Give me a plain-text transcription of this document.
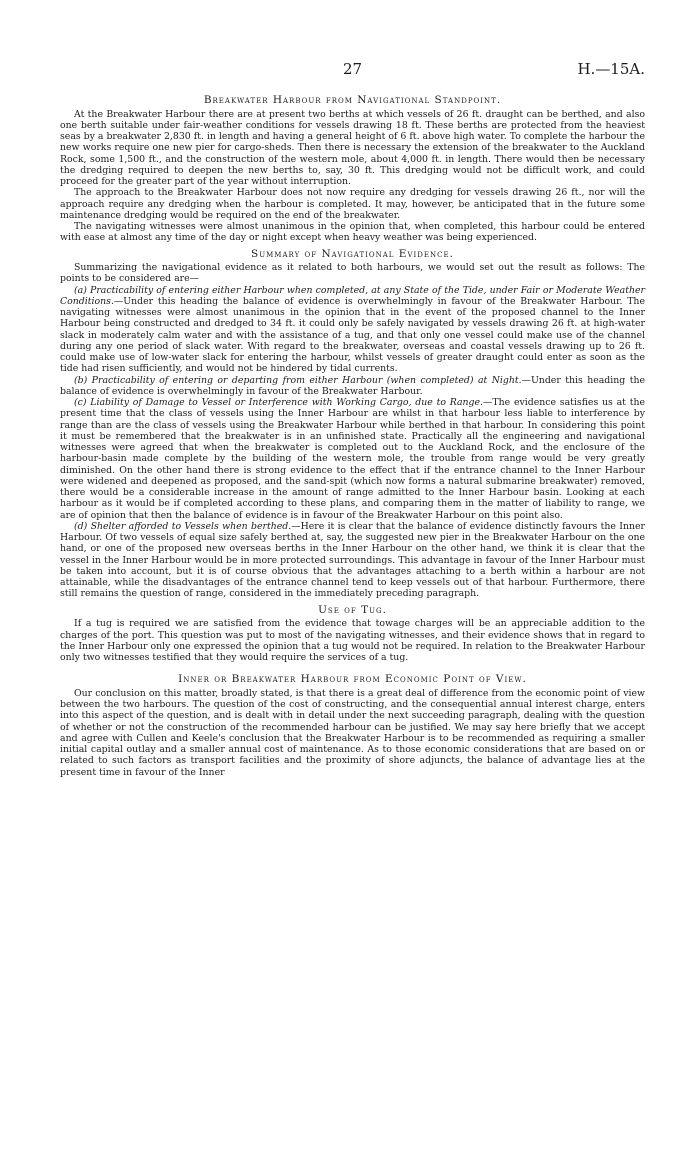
27	H.—15A.
Breakwater Harbour from Navigational Standpoint.

At the Breakwater Harbour there are at present two berths at which vessels of 26 ft. draught can be berthed, and also one berth suitable under fair-weather conditions for vessels drawing 18 ft. These berths are protected from the heaviest seas by a breakwater 2,830 ft. in length and having a general height of 6 ft. above high water. To complete the harbour the new works require one new pier for cargo-sheds. Then there is necessary the extension of the breakwater to the Auckland Rock, some 1,500 ft., and the construction of the western mole, about 4,000 ft. in length. There would then be necessary the dredging required to deepen the new berths to, say, 30 ft. This dredging would not be difficult work, and could proceed for the greater part of the year without interruption.

The approach to the Breakwater Harbour does not now require any dredging for vessels drawing 26 ft., nor will the approach require any dredging when the harbour is completed. It may, however, be anticipated that in the future some maintenance dredging would be required on the end of the breakwater.

The navigating witnesses were almost unanimous in the opinion that, when completed, this harbour could be entered with ease at almost any time of the day or night except when heavy weather was being experienced.

Summary of Navigational Evidence.

Summarizing the navigational evidence as it related to both harbours, we would set out the result as follows: The points to be considered are—

(a) Practicability of entering either Harbour when completed, at any State of the Tide, under Fair or Moderate Weather Conditions.—Under this heading the balance of evidence is overwhelmingly in favour of the Breakwater Harbour. The navigating witnesses were almost unanimous in the opinion that in the event of the proposed channel to the Inner Harbour being constructed and dredged to 34 ft. it could only be safely navigated by vessels drawing 26 ft. at high-water slack in moderately calm water and with the assistance of a tug, and that only one vessel could make use of the channel during any one period of slack water. With regard to the breakwater, overseas and coastal vessels drawing up to 26 ft. could make use of low-water slack for entering the harbour, whilst vessels of greater draught could enter as soon as the tide had risen sufficiently, and would not be hindered by tidal currents.

(b) Practicability of entering or departing from either Harbour (when completed) at Night.—Under this heading the balance of evidence is overwhelmingly in favour of the Breakwater Harbour.

(c) Liability of Damage to Vessel or Interference with Working Cargo, due to Range.—The evidence satisfies us at the present time that the class of vessels using the Inner Harbour are whilst in that harbour less liable to interference by range than are the class of vessels using the Breakwater Harbour while berthed in that harbour. In considering this point it must be remembered that the breakwater is in an unfinished state. Practically all the engineering and navigational witnesses were agreed that when the breakwater is completed out to the Auckland Rock, and the enclosure of the harbour-basin made complete by the building of the western mole, the trouble from range would be very greatly diminished. On the other hand there is strong evidence to the effect that if the entrance channel to the Inner Harbour were widened and deepened as proposed, and the sand-spit (which now forms a natural submarine breakwater) removed, there would be a considerable increase in the amount of range admitted to the Inner Harbour basin. Looking at each harbour as it would be if completed according to these plans, and comparing them in the matter of liability to range, we are of opinion that then the balance of evidence is in favour of the Breakwater Harbour on this point also.

(d) Shelter afforded to Vessels when berthed.—Here it is clear that the balance of evidence distinctly favours the Inner Harbour. Of two vessels of equal size safely berthed at, say, the suggested new pier in the Breakwater Harbour on the one hand, or one of the proposed new overseas berths in the Inner Harbour on the other hand, we think it is clear that the vessel in the Inner Harbour would be in more protected surroundings. This advantage in favour of the Inner Harbour must be taken into account, but it is of course obvious that the advantages attaching to a berth within a harbour are not attainable, while the disadvantages of the entrance channel tend to keep vessels out of that harbour. Furthermore, there still remains the question of range, considered in the immediately preceding paragraph.

Use of Tug.

If a tug is required we are satisfied from the evidence that towage charges will be an appreciable addition to the charges of the port. This question was put to most of the navigating witnesses, and their evidence shows that in regard to the Inner Harbour only one expressed the opinion that a tug would not be required. In relation to the Breakwater Harbour only two witnesses testified that they would require the services of a tug.

Inner or Breakwater Harbour from Economic Point of View.

Our conclusion on this matter, broadly stated, is that there is a great deal of difference from the economic point of view between the two harbours. The question of the cost of constructing, and the consequential annual interest charge, enters into this aspect of the question, and is dealt with in detail under the next succeeding paragraph, dealing with the question of whether or not the construction of the recommended harbour can be justified. We may say here briefly that we accept and agree with Cullen and Keele's conclusion that the Breakwater Harbour is to be recommended as requiring a smaller initial capital outlay and a smaller annual cost of maintenance. As to those economic considerations that are based on or related to such factors as transport facilities and the proximity of shore adjuncts, the balance of advantage lies at the present time in favour of the Inner
